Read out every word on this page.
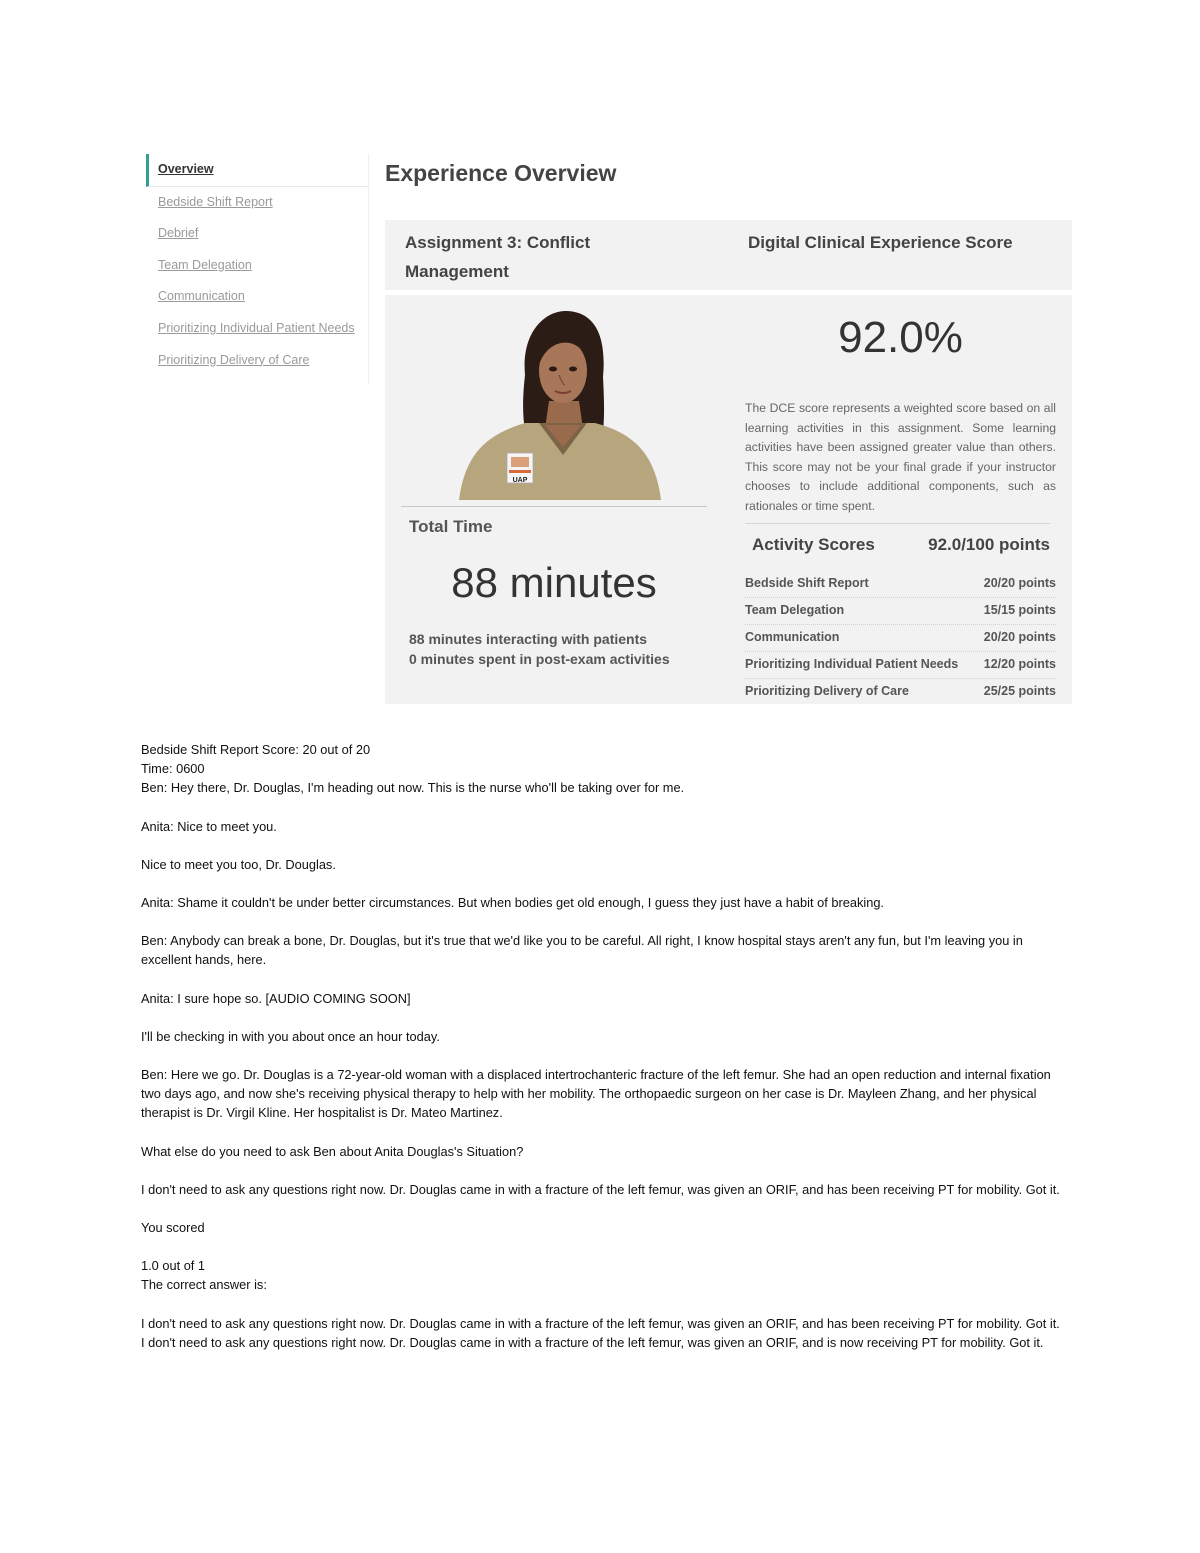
Overview
Bedside Shift Report
Debrief
Team Delegation
Communication
Prioritizing Individual Patient Needs
Prioritizing Delivery of Care
Experience Overview
Assignment 3: Conflict Management
Digital Clinical Experience Score
UAP
Total Time
88 minutes
88 minutes interacting with patients
0 minutes spent in post-exam activities
92.0%
The DCE score represents a weighted score based on all learning activities in this assignment. Some learning activities have been assigned greater value than others. This score may not be your final grade if your instructor chooses to include additional components, such as rationales or time spent.
Activity Scores	92.0/100 points
Bedside Shift Report	20/20 points
Team Delegation	15/15 points
Communication	20/20 points
Prioritizing Individual Patient Needs 12/20 points
Prioritizing Delivery of Care	25/25 points

Bedside Shift Report Score: 20 out of 20

Time: 0600

Ben: Hey there, Dr. Douglas, I'm heading out now. This is the nurse who'll be taking over for me.

Anita: Nice to meet you.

Nice to meet you too, Dr. Douglas.

Anita: Shame it couldn't be under better circumstances. But when bodies get old enough, I guess they just have a habit of breaking.

Ben: Anybody can break a bone, Dr. Douglas, but it's true that we'd like you to be careful. All right, I know hospital stays aren't any fun, but I'm leaving you in excellent hands, here.

Anita: I sure hope so. [AUDIO COMING SOON]

I'll be checking in with you about once an hour today.

Ben: Here we go. Dr. Douglas is a 72-year-old woman with a displaced intertrochanteric fracture of the left femur. She had an open reduction and internal fixation two days ago, and now she's receiving physical therapy to help with her mobility. The orthopaedic surgeon on her case is Dr. Mayleen Zhang, and her physical therapist is Dr. Virgil Kline. Her hospitalist is Dr. Mateo Martinez.

What else do you need to ask Ben about Anita Douglas's Situation?

I don't need to ask any questions right now. Dr. Douglas came in with a fracture of the left femur, was given an ORIF, and has been receiving PT for mobility. Got it.

You scored

1.0 out of 1

The correct answer is:

I don't need to ask any questions right now. Dr. Douglas came in with a fracture of the left femur, was given an ORIF, and has been receiving PT for mobility. Got it.

I don't need to ask any questions right now. Dr. Douglas came in with a fracture of the left femur, was given an ORIF, and is now receiving PT for mobility. Got it.
